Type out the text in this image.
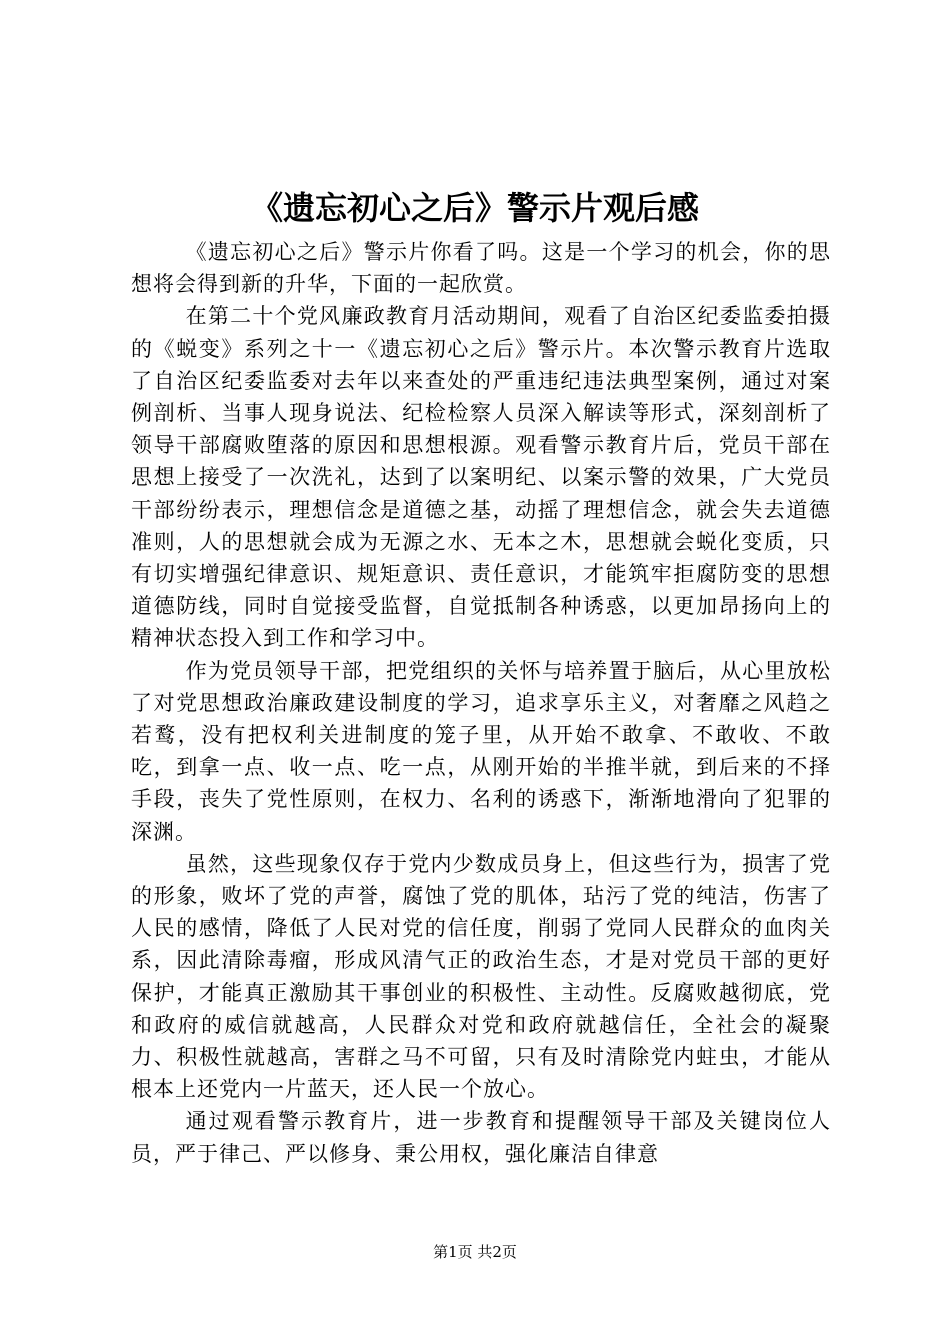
《遗忘初心之后》警示片观后感

《遗忘初心之后》警示片你看了吗。这是一个学习的机会，你的思想将会得到新的升华，下面的一起欣赏。

在第二十个党风廉政教育月活动期间，观看了自治区纪委监委拍摄的《蜕变》系列之十一《遗忘初心之后》警示片。本次警示教育片选取了自治区纪委监委对去年以来查处的严重违纪违法典型案例，通过对案例剖析、当事人现身说法、纪检检察人员深入解读等形式，深刻剖析了领导干部腐败堕落的原因和思想根源。观看警示教育片后，党员干部在思想上接受了一次洗礼，达到了以案明纪、以案示警的效果，广大党员干部纷纷表示，理想信念是道德之基，动摇了理想信念，就会失去道德准则，人的思想就会成为无源之水、无本之木，思想就会蜕化变质，只有切实增强纪律意识、规矩意识、责任意识，才能筑牢拒腐防变的思想道德防线，同时自觉接受监督，自觉抵制各种诱惑，以更加昂扬向上的精神状态投入到工作和学习中。

作为党员领导干部，把党组织的关怀与培养置于脑后，从心里放松了对党思想政治廉政建设制度的学习，追求享乐主义，对奢靡之风趋之若鹜，没有把权利关进制度的笼子里，从开始不敢拿、不敢收、不敢吃，到拿一点、收一点、吃一点，从刚开始的半推半就，到后来的不择手段，丧失了党性原则，在权力、名利的诱惑下，渐渐地滑向了犯罪的深渊。

虽然，这些现象仅存于党内少数成员身上，但这些行为，损害了党的形象，败坏了党的声誉，腐蚀了党的肌体，玷污了党的纯洁，伤害了人民的感情，降低了人民对党的信任度，削弱了党同人民群众的血肉关系，因此清除毒瘤，形成风清气正的政治生态，才是对党员干部的更好保护，才能真正激励其干事创业的积极性、主动性。反腐败越彻底，党和政府的威信就越高，人民群众对党和政府就越信任，全社会的凝聚力、积极性就越高，害群之马不可留，只有及时清除党内蛀虫，才能从根本上还党内一片蓝天，还人民一个放心。

通过观看警示教育片，进一步教育和提醒领导干部及关键岗位人员，严于律己、严以修身、秉公用权，强化廉洁自律意

第1页 共2页
